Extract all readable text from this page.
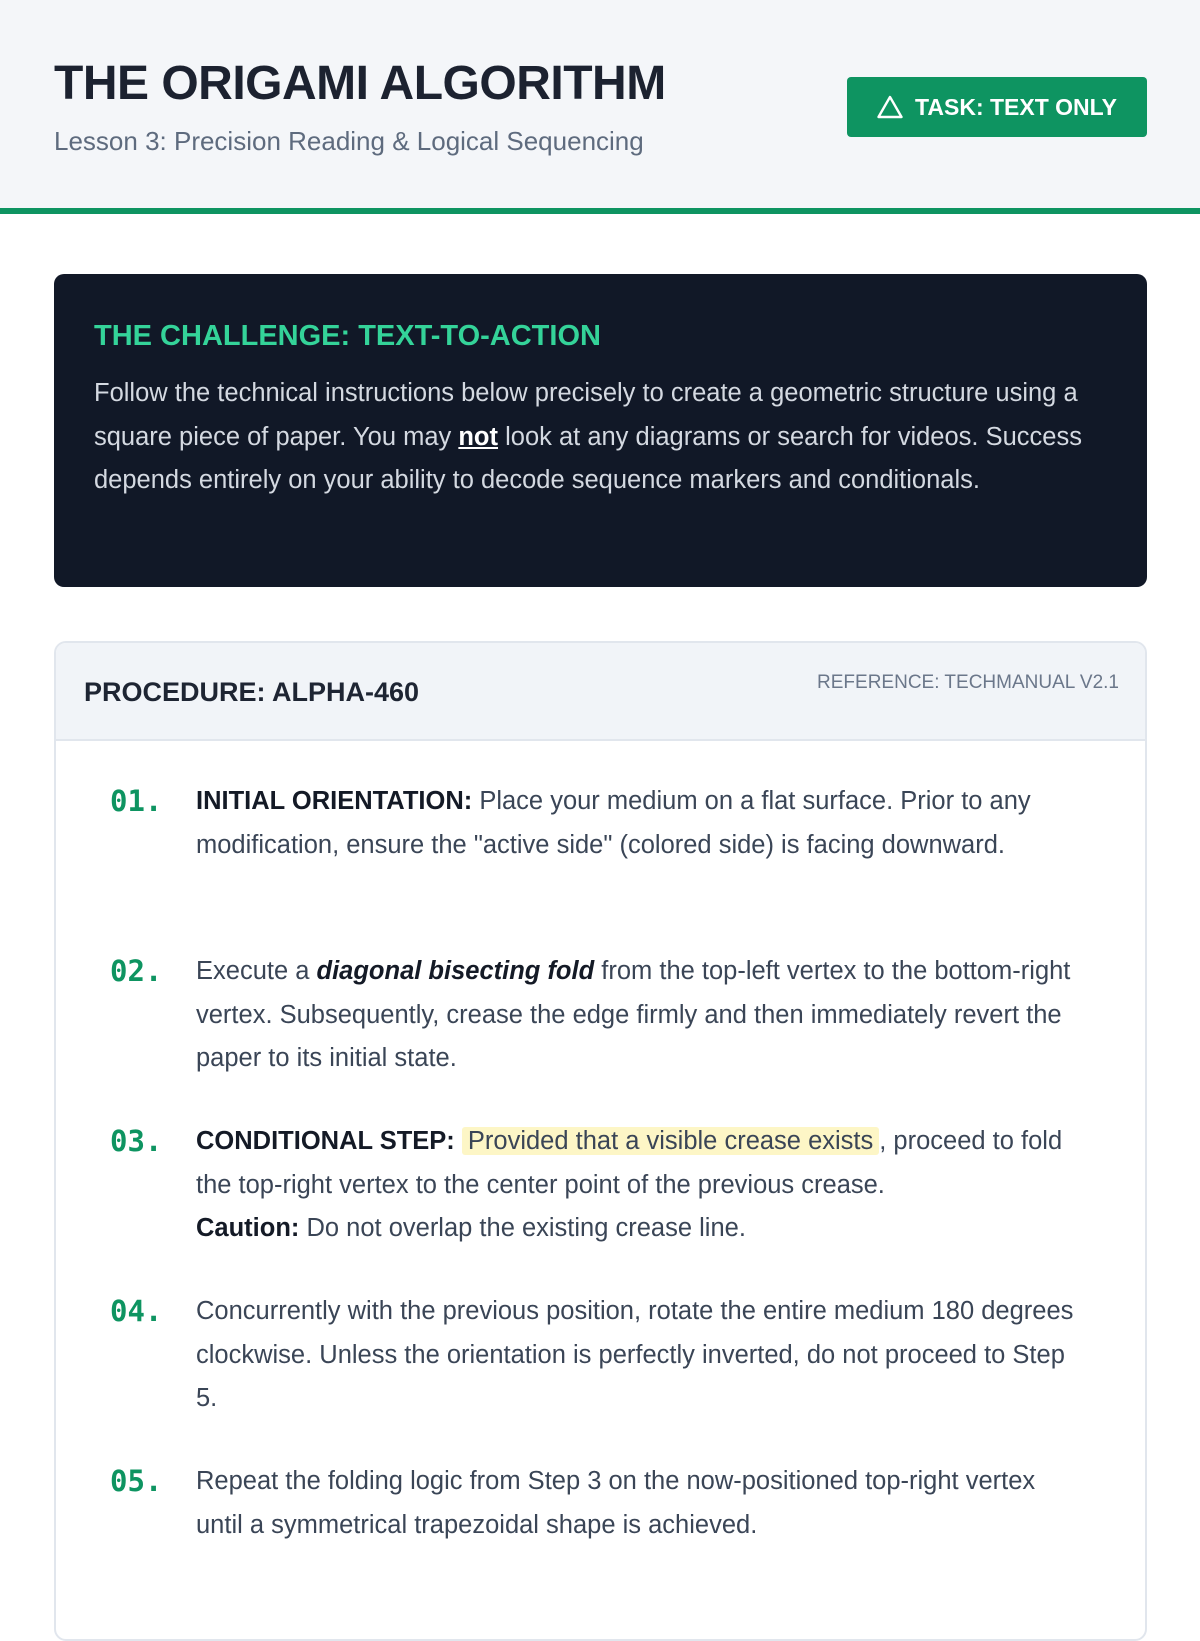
THE ORIGAMI ALGORITHM

Lesson 3: Precision Reading & Logical Sequencing

TASK: TEXT ONLY
THE CHALLENGE: TEXT-TO-ACTION

Follow the technical instructions below precisely to create a geometric structure using a square piece of paper. You may not look at any diagrams or search for videos. Success depends entirely on your ability to decode sequence markers and conditionals.

PROCEDURE: ALPHA-460	REFERENCE: TECHMANUAL V2.1
01. INITIAL ORIENTATION: Place your medium on a flat surface. Prior to any modification, ensure the "active side" (colored side) is facing downward.

02. Execute a diagonal bisecting fold from the top-left vertex to the bottom-right vertex. Subsequently, crease the edge firmly and then immediately revert the paper to its initial state.

03. CONDITIONAL STEP: Provided that a visible crease exists , proceed to fold the top-right vertex to the center point of the previous crease.
Caution: Do not overlap the existing crease line.

04. Concurrently with the previous position, rotate the entire medium 180 degrees clockwise. Unless the orientation is perfectly inverted, do not proceed to Step 5.

05. Repeat the folding logic from Step 3 on the now-positioned top-right vertex until a symmetrical trapezoidal shape is achieved.
